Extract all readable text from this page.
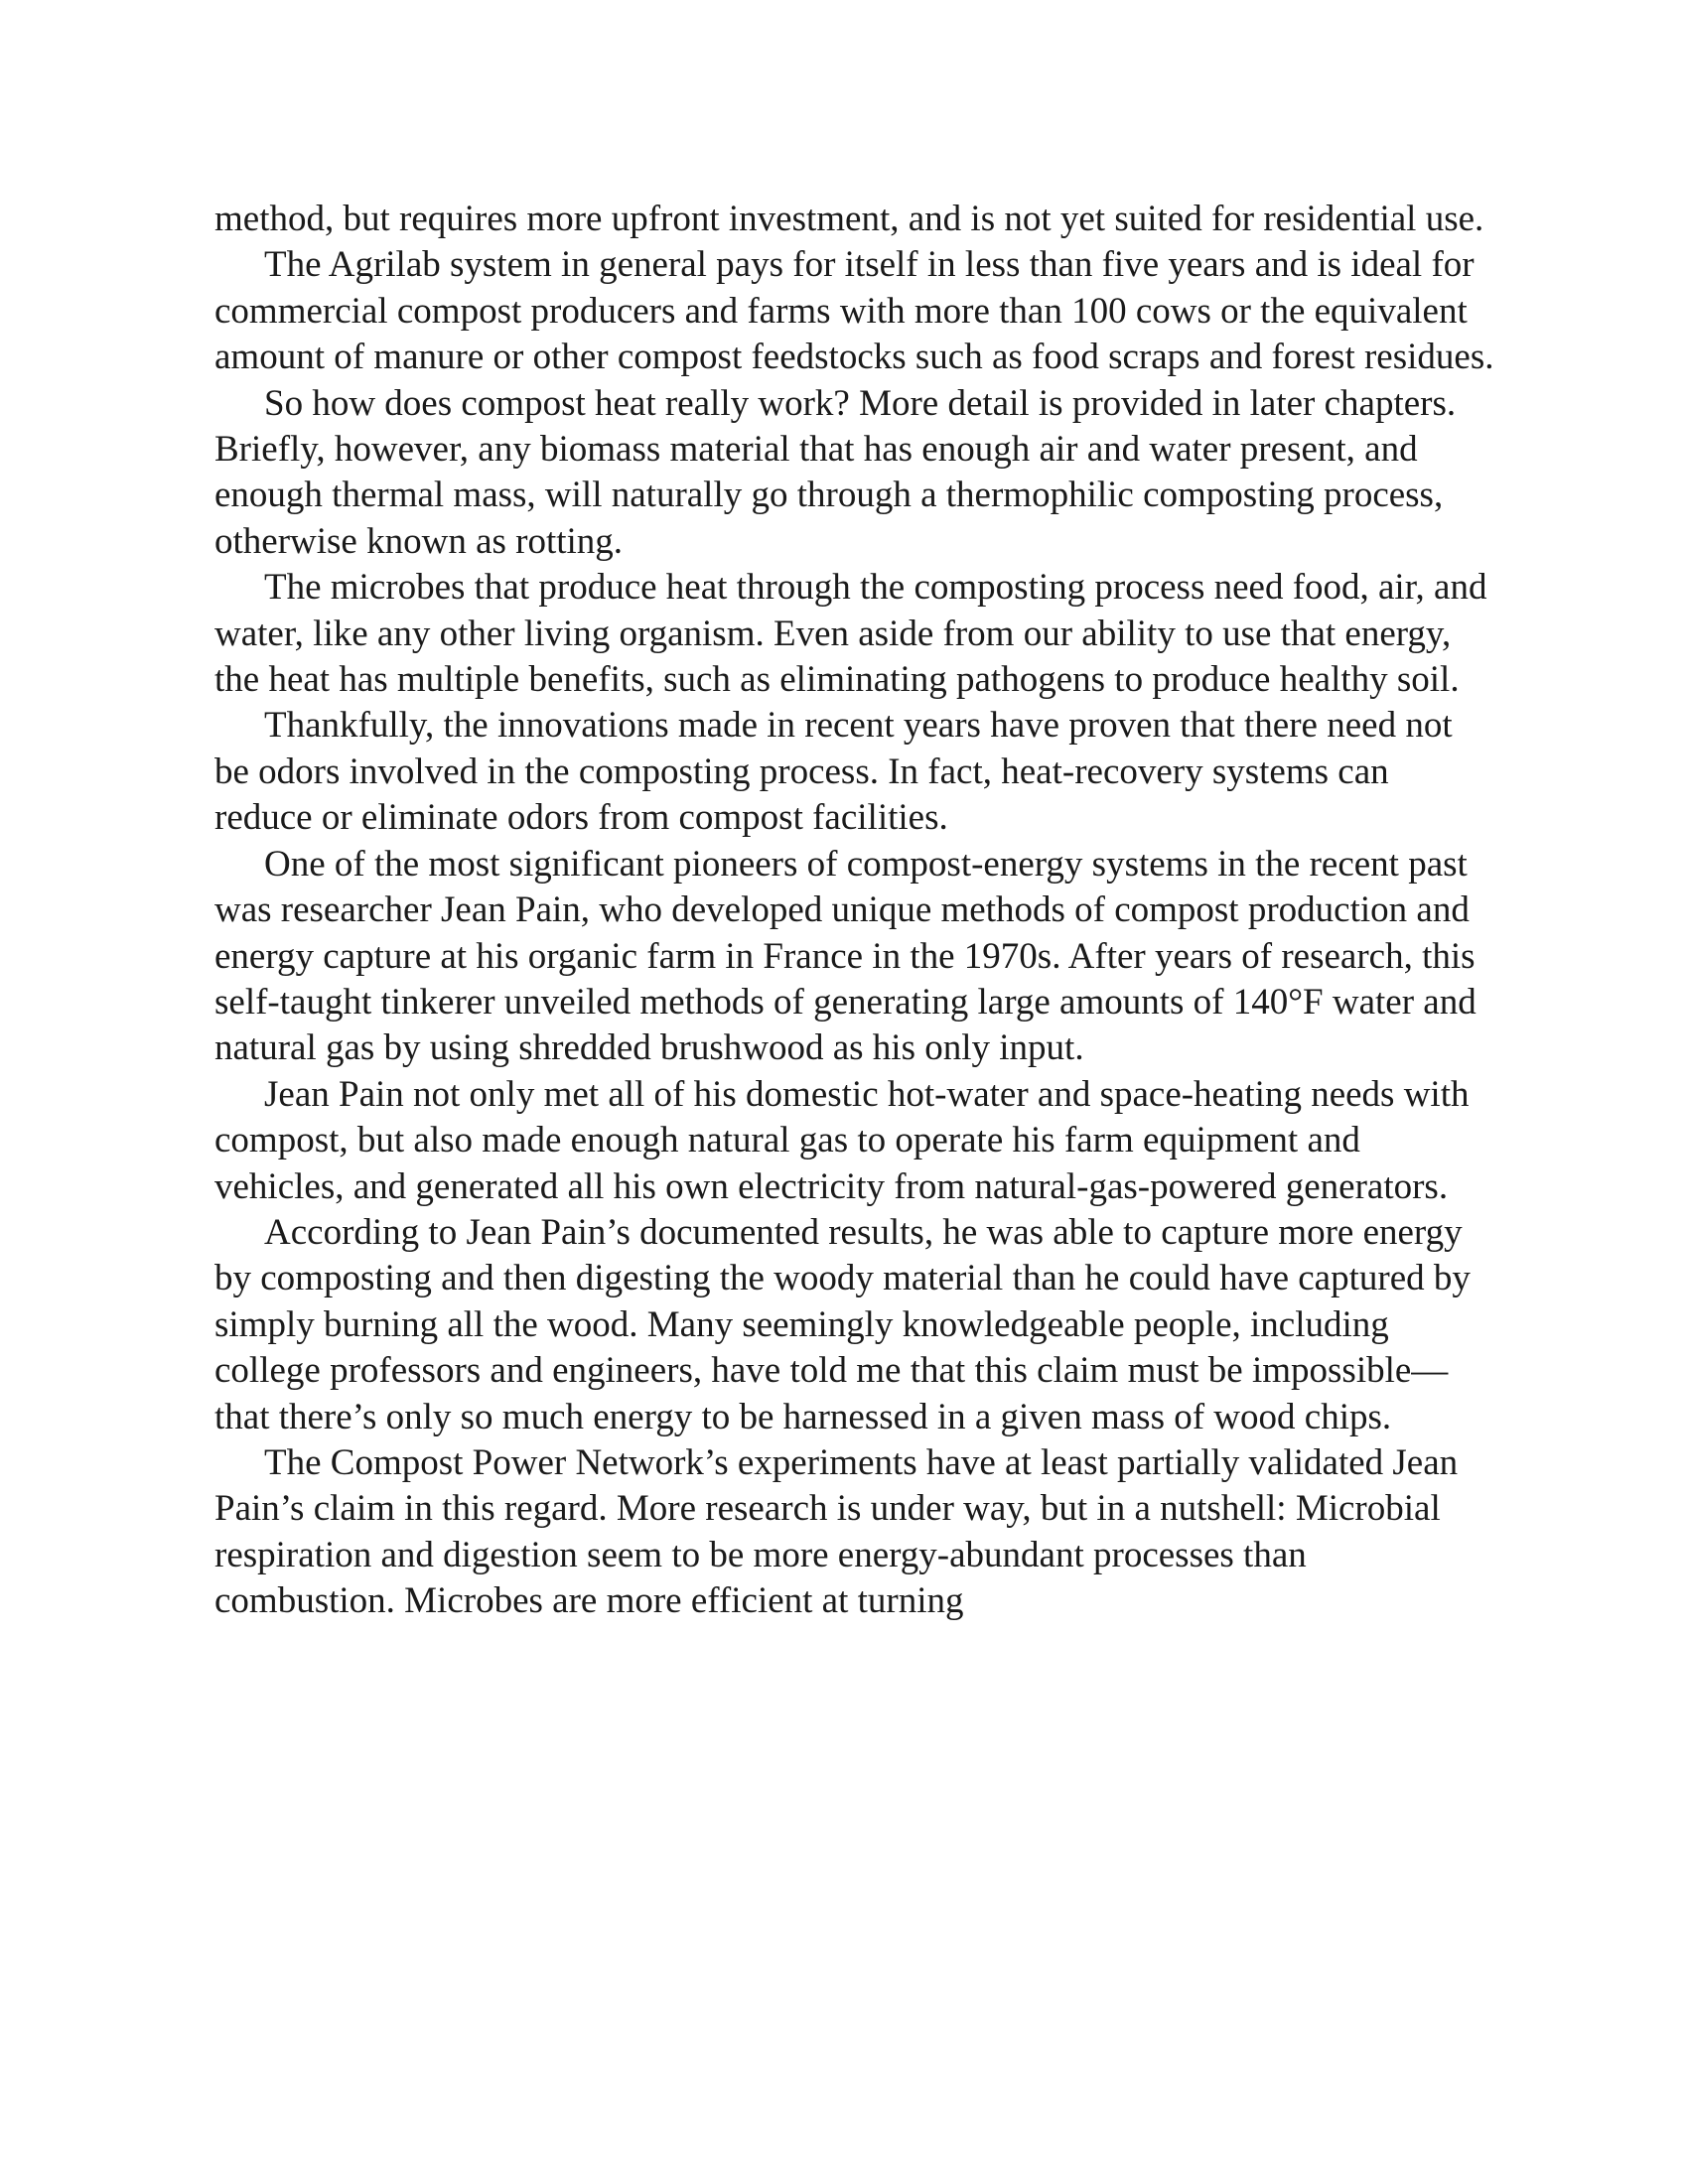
method, but requires more upfront investment, and is not yet suited for residential use.

The Agrilab system in general pays for itself in less than five years and is ideal for commercial compost producers and farms with more than 100 cows or the equivalent amount of manure or other compost feedstocks such as food scraps and forest residues.

So how does compost heat really work? More detail is provided in later chapters. Briefly, however, any biomass material that has enough air and water present, and enough thermal mass, will naturally go through a thermophilic composting process, otherwise known as rotting.

The microbes that produce heat through the composting process need food, air, and water, like any other living organism. Even aside from our ability to use that energy, the heat has multiple benefits, such as eliminating pathogens to produce healthy soil.

Thankfully, the innovations made in recent years have proven that there need not be odors involved in the composting process. In fact, heat-recovery systems can reduce or eliminate odors from compost facilities.

One of the most significant pioneers of compost-energy systems in the recent past was researcher Jean Pain, who developed unique methods of compost production and energy capture at his organic farm in France in the 1970s. After years of research, this self-taught tinkerer unveiled methods of generating large amounts of 140°F water and natural gas by using shredded brushwood as his only input.

Jean Pain not only met all of his domestic hot-water and space-heating needs with compost, but also made enough natural gas to operate his farm equipment and vehicles, and generated all his own electricity from natural-gas-powered generators.

According to Jean Pain’s documented results, he was able to capture more energy by composting and then digesting the woody material than he could have captured by simply burning all the wood. Many seemingly knowledgeable people, including college professors and engineers, have told me that this claim must be impossible—that there’s only so much energy to be harnessed in a given mass of wood chips.

The Compost Power Network’s experiments have at least partially validated Jean Pain’s claim in this regard. More research is under way, but in a nutshell: Microbial respiration and digestion seem to be more energy-abundant processes than combustion. Microbes are more efficient at turning
